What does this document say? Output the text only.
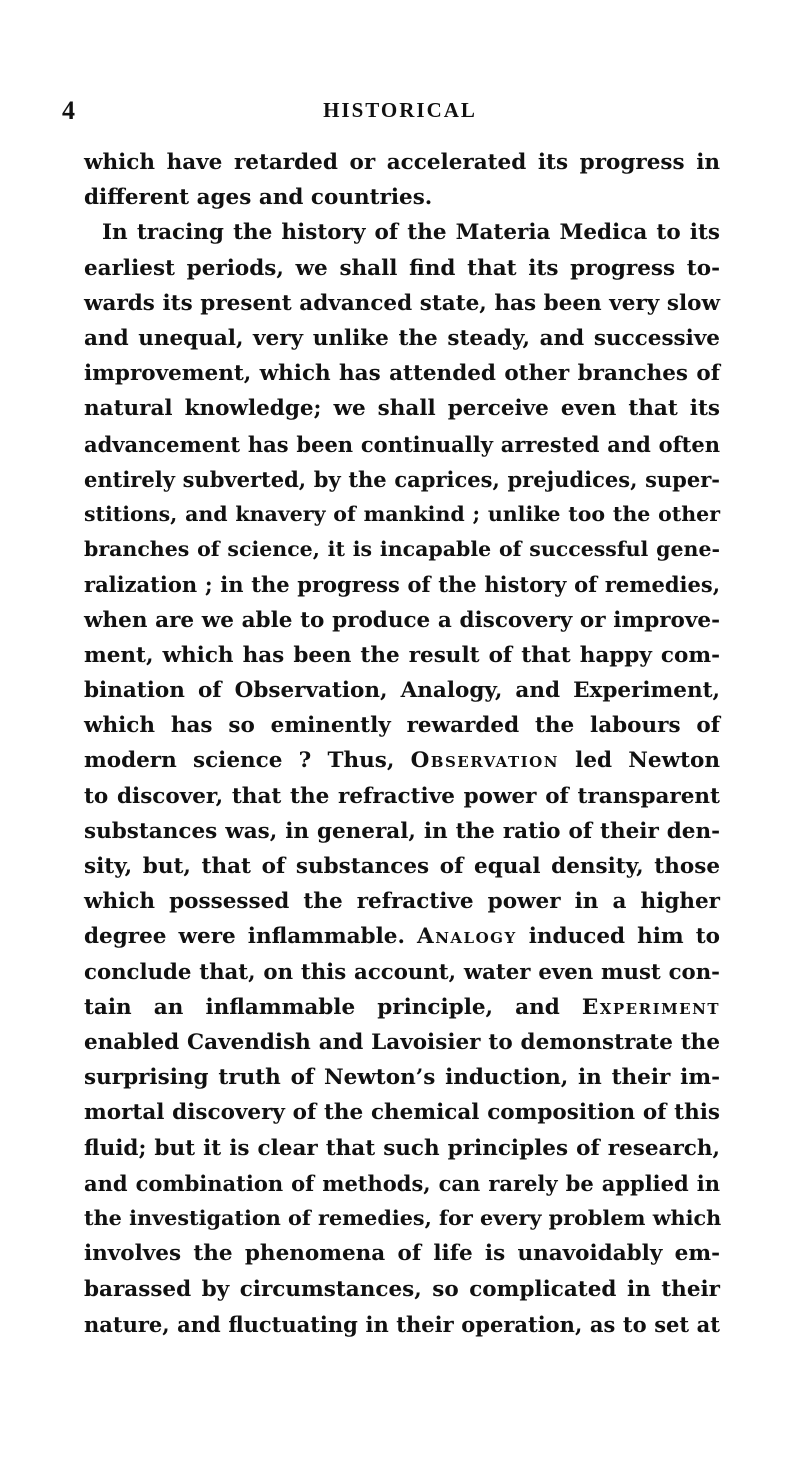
4	HISTORICAL
which have retarded or accelerated its progress in
different ages and countries.
In tracing the history of the Materia Medica to its
earliest periods, we shall find that its progress to-
wards its present advanced state, has been very slow
and unequal, very unlike the steady, and successive
improvement, which has attended other branches of
natural knowledge; we shall perceive even that its
advancement has been continually arrested and often
entirely subverted, by the caprices, prejudices, super-
stitions, and knavery of mankind ; unlike too the other
branches of science, it is incapable of successful gene-
ralization ; in the progress of the history of remedies,
when are we able to produce a discovery or improve-
ment, which has been the result of that happy com-
bination of Observation, Analogy, and Experiment,
which has so eminently rewarded the labours of
modern science ? Thus, Observation led Newton
to discover, that the refractive power of transparent
substances was, in general, in the ratio of their den-
sity, but, that of substances of equal density, those
which possessed the refractive power in a higher
degree were inflammable. Analogy induced him to
conclude that, on this account, water even must con-
tain an inflammable principle, and Experiment
enabled Cavendish and Lavoisier to demonstrate the
surprising truth of Newton’s induction, in their im-
mortal discovery of the chemical composition of this
fluid; but it is clear that such principles of research,
and combination of methods, can rarely be applied in
the investigation of remedies, for every problem which
involves the phenomena of life is unavoidably em-
barassed by circumstances, so complicated in their
nature, and fluctuating in their operation, as to set at
